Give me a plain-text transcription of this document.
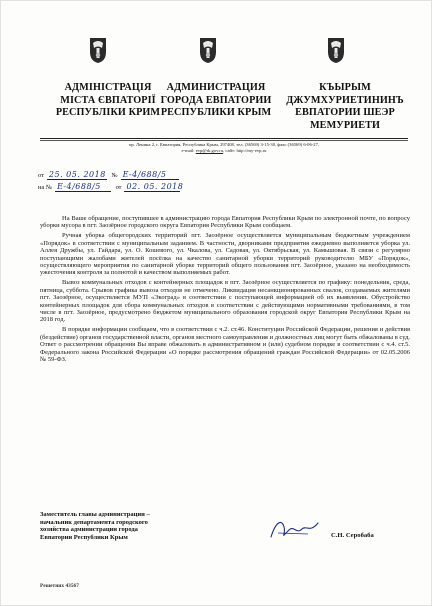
АДМІНІСТРАЦІЯ
МІСТА ЄВПАТОРІЇ
РЕСПУБЛІКИ КРИМ
АДМИНИСТРАЦИЯ
ГОРОДА ЕВПАТОРИИ
РЕСПУБЛИКИ КРЫМ
КЪЫРЫМ
ДЖУМХУРИЕТИНИНЪ
ЕВПАТОРИИ ШЕЭР
МЕМУРИЕТИ
пр. Ленина 2, г. Евпатория, Республика Крым, 297408, тел. (36569) 3-15-30, факс (36569) 6-06-27,
e-mail: evp@rk.gov.ru, сайт: http://my-evp.ru
от 25. 05. 2018 № Е-4/688/5
на № Е-4/688/5 от 02. 05. 2018

На Ваше обращение, поступившее в администрацию города Евпатория Республики Крым по электронной почте, по вопросу уборки мусора в пгт. Заозёрное городского округа Евпатория Республики Крым сообщаем.

Ручная уборка общегородских территорий пгт. Заозёрное осуществляется муниципальным бюджетным учреждением «Порядок» в соответствии с муниципальным заданием. В частности, дворниками предприятия ежедневно выполняется уборка ул. Аллея Дружбы, ул. Гайдара, ул. О. Кошевого, ул. Чкалова, ул. Садовая, ул. Октябрьская, ул. Камышовая. В связи с регулярно поступающими жалобами жителей посёлка на качество санитарной уборки территорий руководителю МБУ «Порядок», осуществляющего мероприятия по санитарной уборке территорий общего пользования пгт. Заозёрное, указано на необходимость ужесточения контроля за полнотой и качеством выполняемых работ.

Вывоз коммунальных отходов с контейнерных площадок в пгт. Заозёрное осуществляется по графику: понедельник, среда, пятница, суббота. Срывов графика вывоза отходов не отмечено. Ликвидация несанкционированных свалок, создаваемых жителями пгт. Заозёрное, осуществляется МУП «Экоград» в соответствии с поступающей информацией об их выявлении. Обустройство контейнерных площадок для сбора коммунальных отходов в соответствии с действующими нормативными требованиями, в том числе в пгт. Заозёрное, предусмотрено бюджетом муниципального образования городской округ Евпатория Республики Крым на 2018 год.

В порядке информации сообщаем, что в соответствии с ч.2. ст.46. Конституции Российской Федерации, решения и действия (бездействие) органов государственной власти, органов местного самоуправления и должностных лиц могут быть обжалованы в суд. Ответ о рассмотрении обращения Вы вправе обжаловать в административном и (или) судебном порядке в соответствии с ч.4. ст.5. Федерального закона Российской Федерации «О порядке рассмотрения обращений граждан Российской Федерации» от 02.05.2006 № 59-ФЗ.

Заместитель главы администрации –
начальник департамента городского
хозяйства администрации города
Евпатории Республики Крым	С.Н. Серобаба
Решетних 43567
